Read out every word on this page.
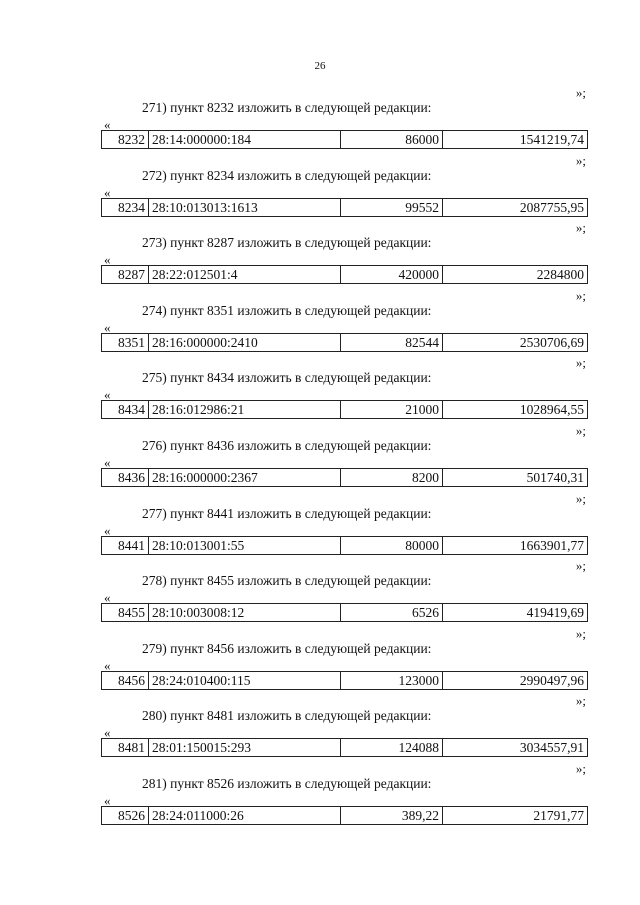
26
»;
271) пункт 8232 изложить в следующей редакции:
«
8232	28:14:000000:184	86000	1541219,74
»;
272) пункт 8234 изложить в следующей редакции:
«
8234	28:10:013013:1613	99552	2087755,95
»;
273) пункт 8287 изложить в следующей редакции:
«
8287	28:22:012501:4	420000	2284800
»;
274) пункт 8351 изложить в следующей редакции:
«
8351	28:16:000000:2410	82544	2530706,69
»;
275) пункт 8434 изложить в следующей редакции:
«
8434	28:16:012986:21	21000	1028964,55
»;
276) пункт 8436 изложить в следующей редакции:
«
8436	28:16:000000:2367	8200	501740,31
»;
277) пункт 8441 изложить в следующей редакции:
«
8441	28:10:013001:55	80000	1663901,77
»;
278) пункт 8455 изложить в следующей редакции:
«
8455	28:10:003008:12	6526	419419,69
»;
279) пункт 8456 изложить в следующей редакции:
«
8456	28:24:010400:115	123000	2990497,96
»;
280) пункт 8481 изложить в следующей редакции:
«
8481	28:01:150015:293	124088	3034557,91
»;
281) пункт 8526 изложить в следующей редакции:
«
8526	28:24:011000:26	389,22	21791,77
